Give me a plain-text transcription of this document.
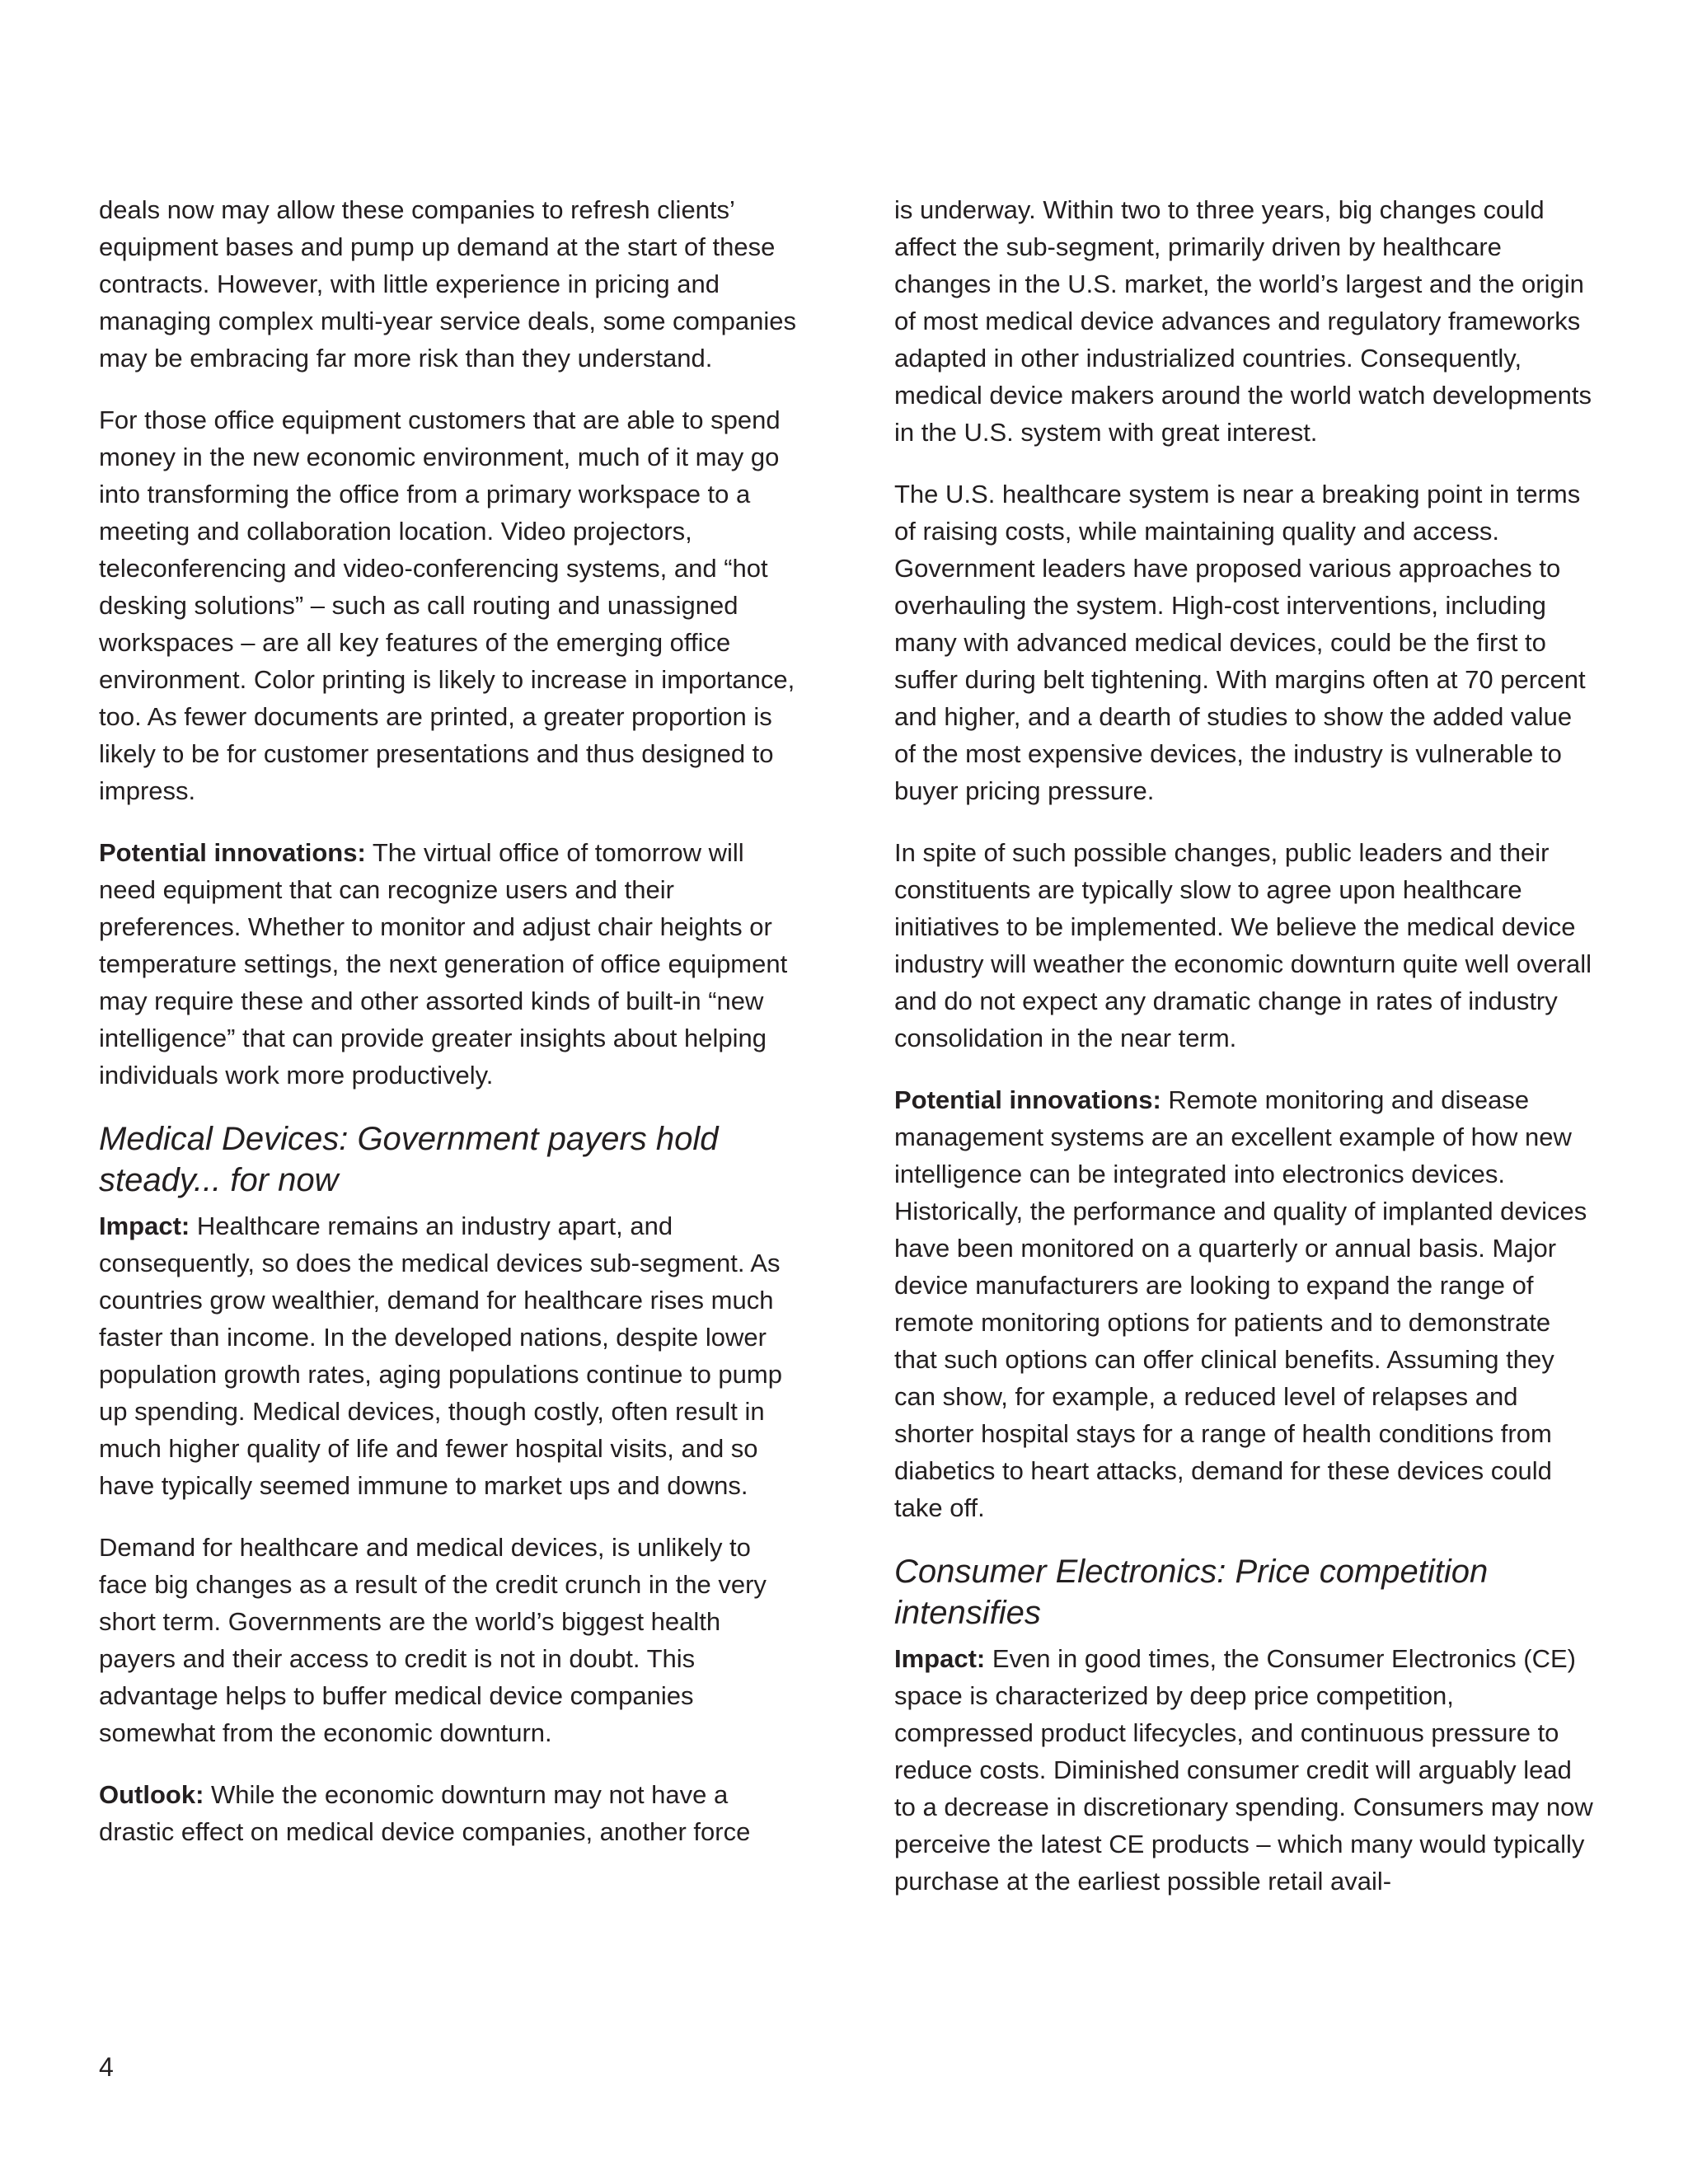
deals now may allow these companies to refresh clients’ equipment bases and pump up demand at the start of these contracts. However, with little experience in pricing and managing complex multi-year service deals, some companies may be embracing far more risk than they understand.

For those office equipment customers that are able to spend money in the new economic environment, much of it may go into transforming the office from a primary workspace to a meeting and collaboration location. Video projectors, teleconferencing and video-conferencing systems, and “hot desking solutions” – such as call routing and unassigned workspaces – are all key features of the emerging office environment. Color printing is likely to increase in importance, too. As fewer documents are printed, a greater proportion is likely to be for customer presentations and thus designed to impress.

Potential innovations: The virtual office of tomorrow will need equipment that can recognize users and their preferences. Whether to monitor and adjust chair heights or temperature settings, the next generation of office equipment may require these and other assorted kinds of built-in “new intelligence” that can provide greater insights about helping individuals work more productively.

Medical Devices: Government payers hold steady... for now

Impact: Healthcare remains an industry apart, and consequently, so does the medical devices sub-segment. As countries grow wealthier, demand for healthcare rises much faster than income. In the developed nations, despite lower population growth rates, aging populations continue to pump up spending. Medical devices, though costly, often result in much higher quality of life and fewer hospital visits, and so have typically seemed immune to market ups and downs.

Demand for healthcare and medical devices, is unlikely to face big changes as a result of the credit crunch in the very short term. Governments are the world’s biggest health payers and their access to credit is not in doubt. This advantage helps to buffer medical device companies somewhat from the economic downturn.

Outlook: While the economic downturn may not have a drastic effect on medical device companies, another force

is underway. Within two to three years, big changes could affect the sub-segment, primarily driven by healthcare changes in the U.S. market, the world’s largest and the origin of most medical device advances and regulatory frameworks adapted in other industrialized countries. Consequently, medical device makers around the world watch developments in the U.S. system with great interest.

The U.S. healthcare system is near a breaking point in terms of raising costs, while maintaining quality and access. Government leaders have proposed various approaches to overhauling the system. High-cost interventions, including many with advanced medical devices, could be the first to suffer during belt tightening. With margins often at 70 percent and higher, and a dearth of studies to show the added value of the most expensive devices, the industry is vulnerable to buyer pricing pressure.

In spite of such possible changes, public leaders and their constituents are typically slow to agree upon healthcare initiatives to be implemented. We believe the medical device industry will weather the economic downturn quite well overall and do not expect any dramatic change in rates of industry consolidation in the near term.

Potential innovations: Remote monitoring and disease management systems are an excellent example of how new intelligence can be integrated into electronics devices. Historically, the performance and quality of implanted devices have been monitored on a quarterly or annual basis. Major device manufacturers are looking to expand the range of remote monitoring options for patients and to demonstrate that such options can offer clinical benefits. Assuming they can show, for example, a reduced level of relapses and shorter hospital stays for a range of health conditions from diabetics to heart attacks, demand for these devices could take off.

Consumer Electronics: Price competition intensifies

Impact: Even in good times, the Consumer Electronics (CE) space is characterized by deep price competition, compressed product lifecycles, and continuous pressure to reduce costs. Diminished consumer credit will arguably lead to a decrease in discretionary spending. Consumers may now perceive the latest CE products – which many would typically purchase at the earliest possible retail avail-

4
